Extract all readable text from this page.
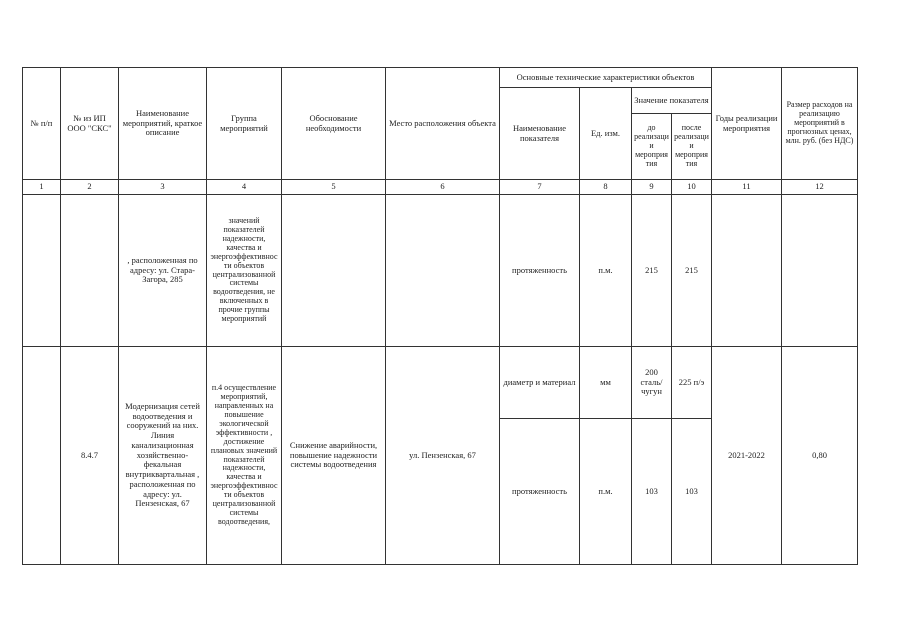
№ п/п	№ из ИП ООО "СКС"	Наименование мероприятий, краткое описание	Группа мероприятий	Обоснование необходимости	Место расположения объекта	Основные технические характеристики объектов				Годы реализации мероприятия	Размер расходов на реализацию мероприятий в прогнозных ценах, млн. руб. (без НДС)
						Наименование показателя	Ед. изм.	Значение показателя			
								до реализации мероприятия	после реализации мероприятия		
1	2	3	4	5	6	7	8	9	10	11	12
		, расположенная по адресу: ул. Стара-Загора, 285	значений показателей надежности, качества и энергоэффективности объектов централизованной системы водоотведения, не включенных в прочие группы мероприятий			протяженность	п.м.	215	215		
	8.4.7	Модернизация сетей водоотведения и сооружений на них. Линия канализационная хозяйственно-фекальная внутриквартальная , расположенная по адресу: ул. Пензенская, 67	п.4 осуществление мероприятий, направленных на повышение экологической эффективности , достижение плановых значений показателей надежности, качества и энергоэффективности объектов централизованной системы водоотведения,	Снижение аварийности, повышение надежности системы водоотведения	ул. Пензенская, 67	диаметр и материал	мм	200 сталь/чугун	225 п/э	2021-2022	0,80
						протяженность	п.м.	103	103		
